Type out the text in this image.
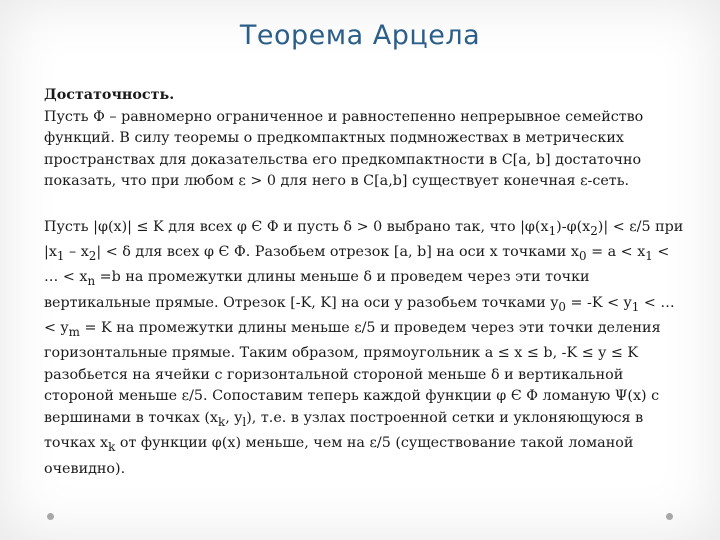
Теорема Арцела
Достаточность.

Пусть Φ – равномерно ограниченное и равностепенно непрерывное семейство функций. В силу теоремы о предкомпактных подмножествах в метрических пространствах для доказательства его предкомпактности в C[a, b] достаточно показать, что при любом ε > 0 для него в C[a,b] существует конечная ε-сеть.

Пусть |φ(x)| ≤ K для всех φ Є Φ и пусть δ > 0 выбрано так, что $|\varphi(x_1)-\varphi(x_2)| < \varepsilon/5$ при $|x_1 - x_2| < \delta$ для всех φ Є Φ. Разобьем отрезок [a, b] на оси x точками $x_0 = a < x_1$ < … < $x_n =b$ на промежутки длины меньше δ и проведем через эти точки вертикальные прямые. Отрезок [-K, K] на оси y разобьем точками $y_0 = -K < y_1$ < … < $y_m = K$ на промежутки длины меньше ε/5 и проведем через эти точки деления горизонтальные прямые. Таким образом, прямоугольник a ≤ x ≤ b, -K ≤ y ≤ K разобьется на ячейки с горизонтальной стороной меньше δ и вертикальной стороной меньше ε/5. Сопоставим теперь каждой функции φ Є Φ ломаную Ψ(x) с вершинами в точках ($x_k$, $y_l$), т.е. в узлах построенной сетки и уклоняющуюся в точках $x_k$ от функции φ(x) меньше, чем на ε/5 (существование такой ломаной очевидно).
